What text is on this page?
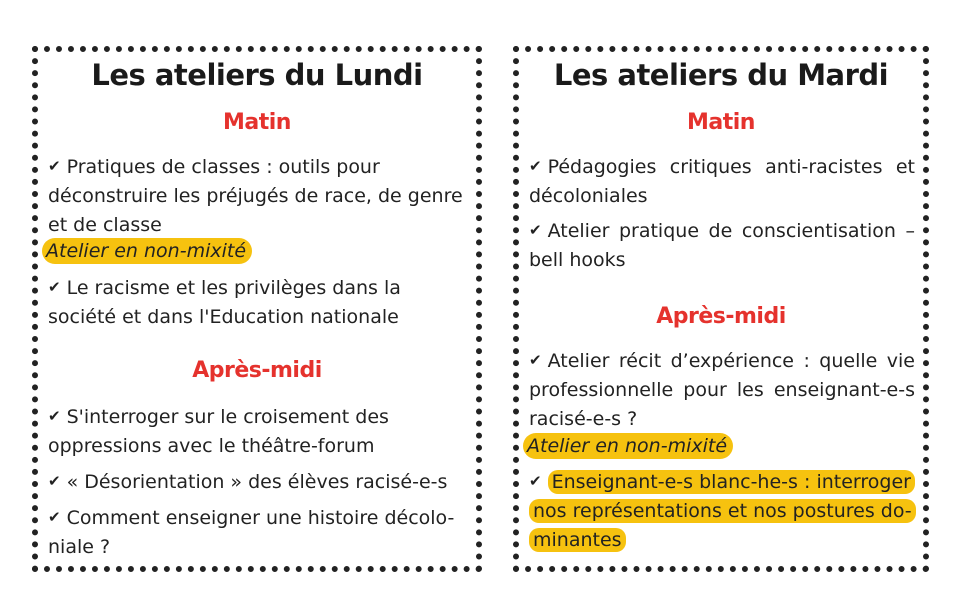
Les ateliers du Lundi
Matin

✔ Pratiques de classes : outils pour déconstruire les préjugés de race, de genre et de classe

Atelier en non-mixité

✔ Le racisme et les privilèges dans la société et dans l'Education nationale

Après-midi

✔ S'interroger sur le croisement des oppressions avec le théâtre-forum

✔ « Désorientation » des élèves racisé-e-s

✔ Comment enseigner une histoire décolo-niale ?

Les ateliers du Mardi
Matin

✔ Pédagogies critiques anti-racistes et décoloniales

✔ Atelier pratique de conscientisation – bell hooks

Après-midi

✔ Atelier récit d’expérience : quelle vie professionnelle pour les enseignant-e-s racisé-e-s ?

Atelier en non-mixité

✔ Enseignant-e-s blanc-he-s : interroger nos représentations et nos postures do-minantes
